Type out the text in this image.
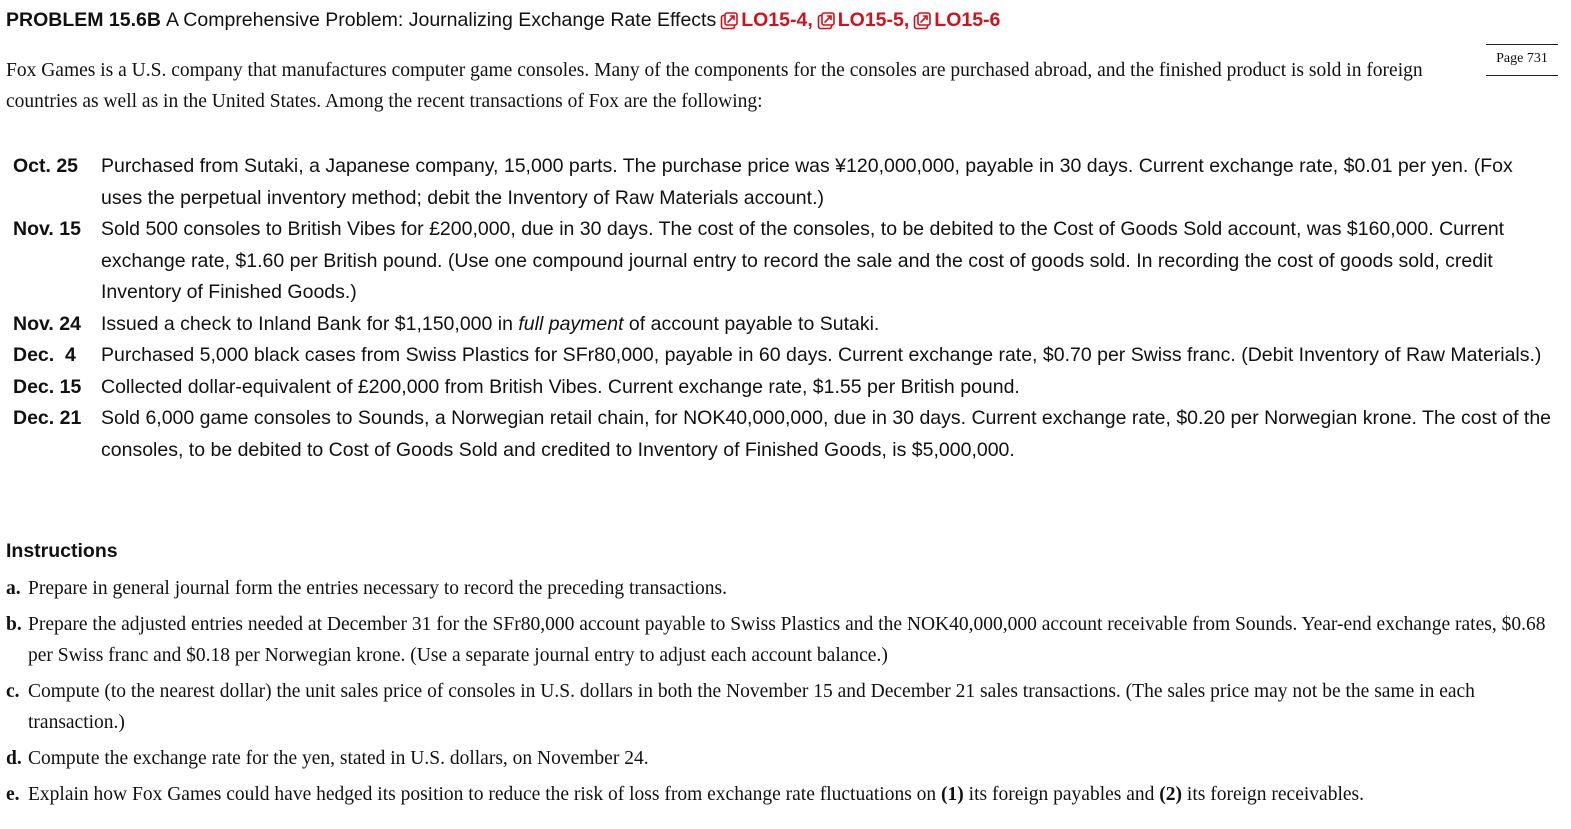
PROBLEM 15.6B A Comprehensive Problem: Journalizing Exchange Rate Effects LO15-4 , LO15-5 , LO15-6
Page 731

Fox Games is a U.S. company that manufactures computer game consoles. Many of the components for the consoles are purchased abroad, and the finished product is sold in foreign countries as well as in the United States. Among the recent transactions of Fox are the following:

Oct. 25	Purchased from Sutaki, a Japanese company, 15,000 parts. The purchase price was ¥120,000,000, payable in 30 days. Current exchange rate, $0.01 per yen. (Fox uses the perpetual inventory method; debit the Inventory of Raw Materials account.)
Nov. 15	Sold 500 consoles to British Vibes for £200,000, due in 30 days. The cost of the consoles, to be debited to the Cost of Goods Sold account, was $160,000. Current exchange rate, $1.60 per British pound. (Use one compound journal entry to record the sale and the cost of goods sold. In recording the cost of goods sold, credit Inventory of Finished Goods.)
Nov. 24	Issued a check to Inland Bank for $1,150,000 in full payment of account payable to Sutaki.
Dec.  4	Purchased 5,000 black cases from Swiss Plastics for SFr80,000, payable in 60 days. Current exchange rate, $0.70 per Swiss franc. (Debit Inventory of Raw Materials.)
Dec. 15	Collected dollar-equivalent of £200,000 from British Vibes. Current exchange rate, $1.55 per British pound.
Dec. 21	Sold 6,000 game consoles to Sounds, a Norwegian retail chain, for NOK40,000,000, due in 30 days. Current exchange rate, $0.20 per Norwegian krone. The cost of the consoles, to be debited to Cost of Goods Sold and credited to Inventory of Finished Goods, is $5,000,000.
Instructions
a. Prepare in general journal form the entries necessary to record the preceding transactions.
b. Prepare the adjusted entries needed at December 31 for the SFr80,000 account payable to Swiss Plastics and the NOK40,000,000 account receivable from Sounds. Year-end exchange rates, $0.68 per Swiss franc and $0.18 per Norwegian krone. (Use a separate journal entry to adjust each account balance.)
c. Compute (to the nearest dollar) the unit sales price of consoles in U.S. dollars in both the November 15 and December 21 sales transactions. (The sales price may not be the same in each transaction.)
d. Compute the exchange rate for the yen, stated in U.S. dollars, on November 24.
e. Explain how Fox Games could have hedged its position to reduce the risk of loss from exchange rate fluctuations on (1) its foreign payables and (2) its foreign receivables.
